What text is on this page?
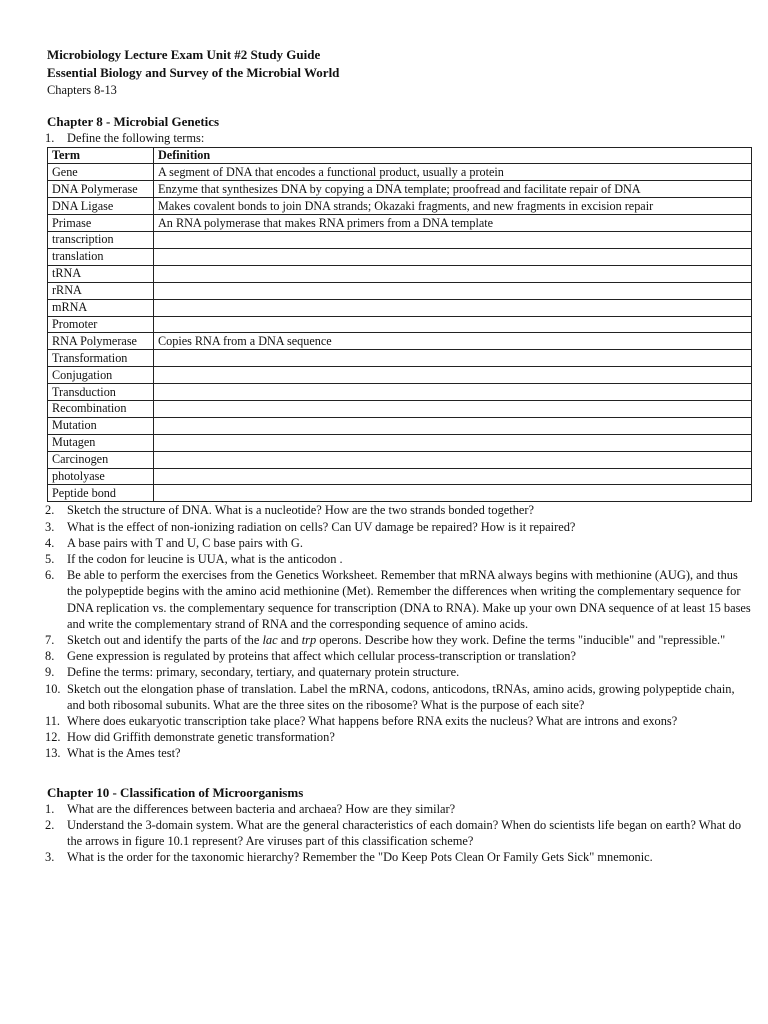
Microbiology Lecture Exam Unit #2 Study Guide
Essential Biology and Survey of the Microbial World
Chapters 8-13
Chapter 8 - Microbial Genetics
1. Define the following terms:
Term	Definition
Gene	A segment of DNA that encodes a functional product, usually a protein
DNA Polymerase	Enzyme that synthesizes DNA by copying a DNA template; proofread and facilitate repair of DNA
DNA Ligase	Makes covalent bonds to join DNA strands; Okazaki fragments, and new fragments in excision repair
Primase	An RNA polymerase that makes RNA primers from a DNA template
transcription	
translation	
tRNA	
rRNA	
mRNA	
Promoter	
RNA Polymerase	Copies RNA from a DNA sequence
Transformation	
Conjugation	
Transduction	
Recombination	
Mutation	
Mutagen	
Carcinogen	
photolyase	
Peptide bond	
2.	Sketch the structure of DNA. What is a nucleotide? How are the two strands bonded together?
3.	What is the effect of non-ionizing radiation on cells? Can UV damage be repaired? How is it repaired?
4.	A base pairs with T and U, C base pairs with G.
5.	If the codon for leucine is UUA, what is the anticodon .
6.	Be able to perform the exercises from the Genetics Worksheet. Remember that mRNA always begins with methionine (AUG), and thus the polypeptide begins with the amino acid methionine (Met). Remember the differences when writing the complementary sequence for DNA replication vs. the complementary sequence for transcription (DNA to RNA). Make up your own DNA sequence of at least 15 bases and write the complementary strand of RNA and the corresponding sequence of amino acids.
7.	Sketch out and identify the parts of the lac and trp operons. Describe how they work. Define the terms "inducible" and "repressible."
8.	Gene expression is regulated by proteins that affect which cellular process-transcription or translation?
9.	Define the terms: primary, secondary, tertiary, and quaternary protein structure.
10. Sketch out the elongation phase of translation. Label the mRNA, codons, anticodons, tRNAs, amino acids, growing polypeptide chain, and both ribosomal subunits. What are the three sites on the ribosome? What is the purpose of each site?
11. Where does eukaryotic transcription take place? What happens before RNA exits the nucleus? What are introns and exons?
12. How did Griffith demonstrate genetic transformation?
13. What is the Ames test?
Chapter 10 - Classification of Microorganisms
1.	What are the differences between bacteria and archaea? How are they similar?
2.	Understand the 3-domain system. What are the general characteristics of each domain? When do scientists life began on earth? What do the arrows in figure 10.1 represent? Are viruses part of this classification scheme?
3.	What is the order for the taxonomic hierarchy? Remember the "Do Keep Pots Clean Or Family Gets Sick" mnemonic.
